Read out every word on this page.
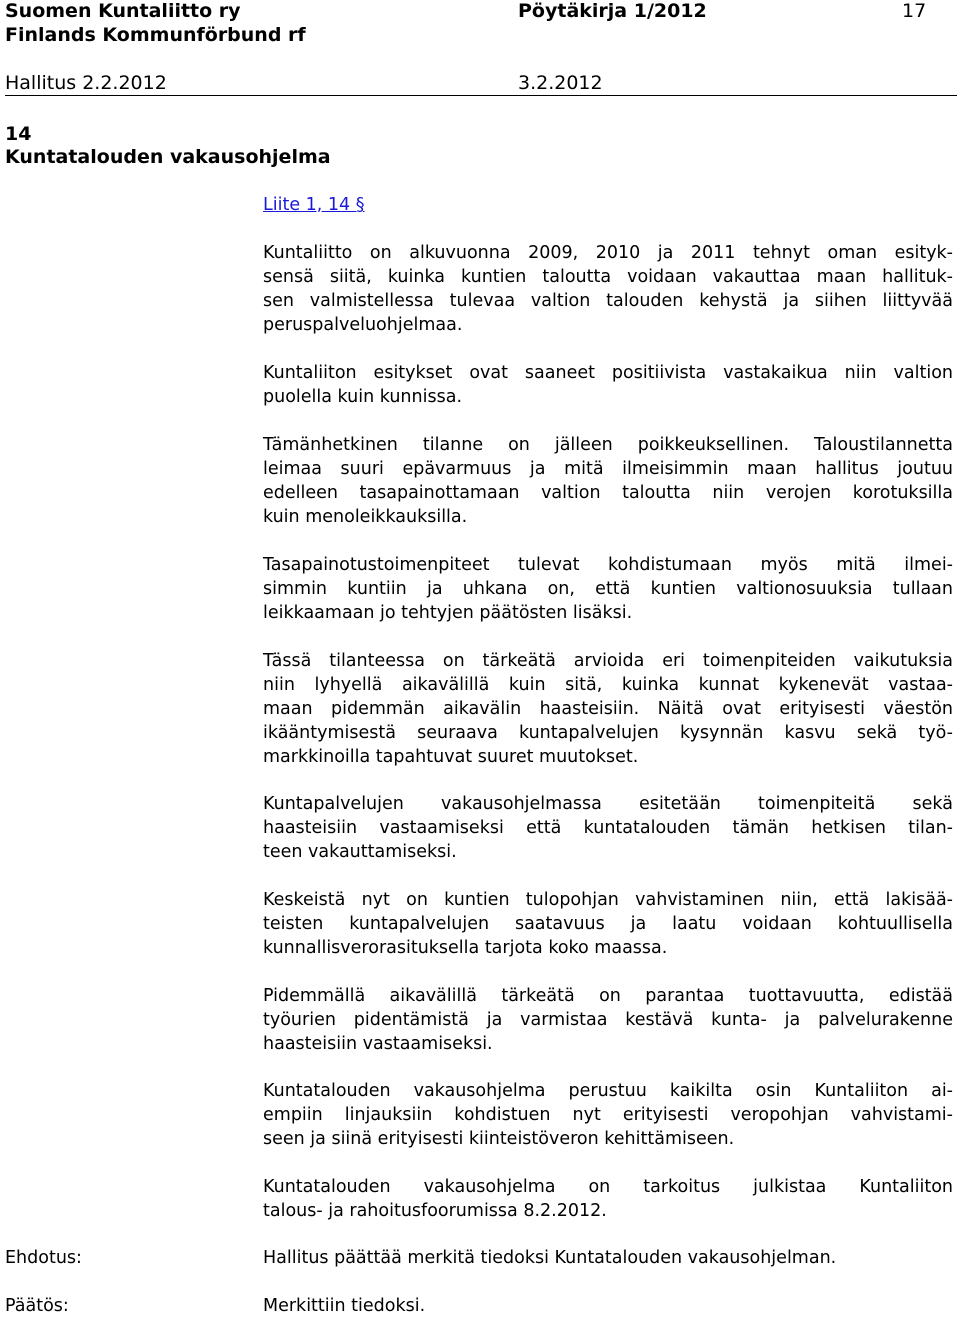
Suomen Kuntaliitto ry
Finlands Kommunförbund rf
Pöytäkirja 1/2012	17
Hallitus 2.2.2012	3.2.2012
14
Kuntatalouden vakausohjelma
Liite 1, 14 §
Kuntaliitto on alkuvuonna 2009, 2010 ja 2011 tehnyt oman esityk-
sensä siitä, kuinka kuntien taloutta voidaan vakauttaa maan hallituk-
sen valmistellessa tulevaa valtion talouden kehystä ja siihen liittyvää
peruspalveluohjelmaa.
Kuntaliiton esitykset ovat saaneet positiivista vastakaikua niin valtion
puolella kuin kunnissa.
Tämänhetkinen tilanne on jälleen poikkeuksellinen. Taloustilannetta
leimaa suuri epävarmuus ja mitä ilmeisimmin maan hallitus joutuu
edelleen tasapainottamaan valtion taloutta niin verojen korotuksilla
kuin menoleikkauksilla.
Tasapainotustoimenpiteet tulevat kohdistumaan myös mitä ilmei-
simmin kuntiin ja uhkana on, että kuntien valtionosuuksia tullaan
leikkaamaan jo tehtyjen päätösten lisäksi.
Tässä tilanteessa on tärkeätä arvioida eri toimenpiteiden vaikutuksia
niin lyhyellä aikavälillä kuin sitä, kuinka kunnat kykenevät vastaa-
maan pidemmän aikavälin haasteisiin. Näitä ovat erityisesti väestön
ikääntymisestä seuraava kuntapalvelujen kysynnän kasvu sekä työ-
markkinoilla tapahtuvat suuret muutokset.
Kuntapalvelujen vakausohjelmassa esitetään toimenpiteitä sekä
haasteisiin vastaamiseksi että kuntatalouden tämän hetkisen tilan-
teen vakauttamiseksi.
Keskeistä nyt on kuntien tulopohjan vahvistaminen niin, että lakisää-
teisten kuntapalvelujen saatavuus ja laatu voidaan kohtuullisella
kunnallisverorasituksella tarjota koko maassa.
Pidemmällä aikavälillä tärkeätä on parantaa tuottavuutta, edistää
työurien pidentämistä ja varmistaa kestävä kunta- ja palvelurakenne
haasteisiin vastaamiseksi.
Kuntatalouden vakausohjelma perustuu kaikilta osin Kuntaliiton ai-
empiin linjauksiin kohdistuen nyt erityisesti veropohjan vahvistami-
seen ja siinä erityisesti kiinteistöveron kehittämiseen.
Kuntatalouden vakausohjelma on tarkoitus julkistaa Kuntaliiton
talous- ja rahoitusfoorumissa 8.2.2012.
Ehdotus:	Hallitus päättää merkitä tiedoksi Kuntatalouden vakausohjelman.
Päätös:	Merkittiin tiedoksi.
